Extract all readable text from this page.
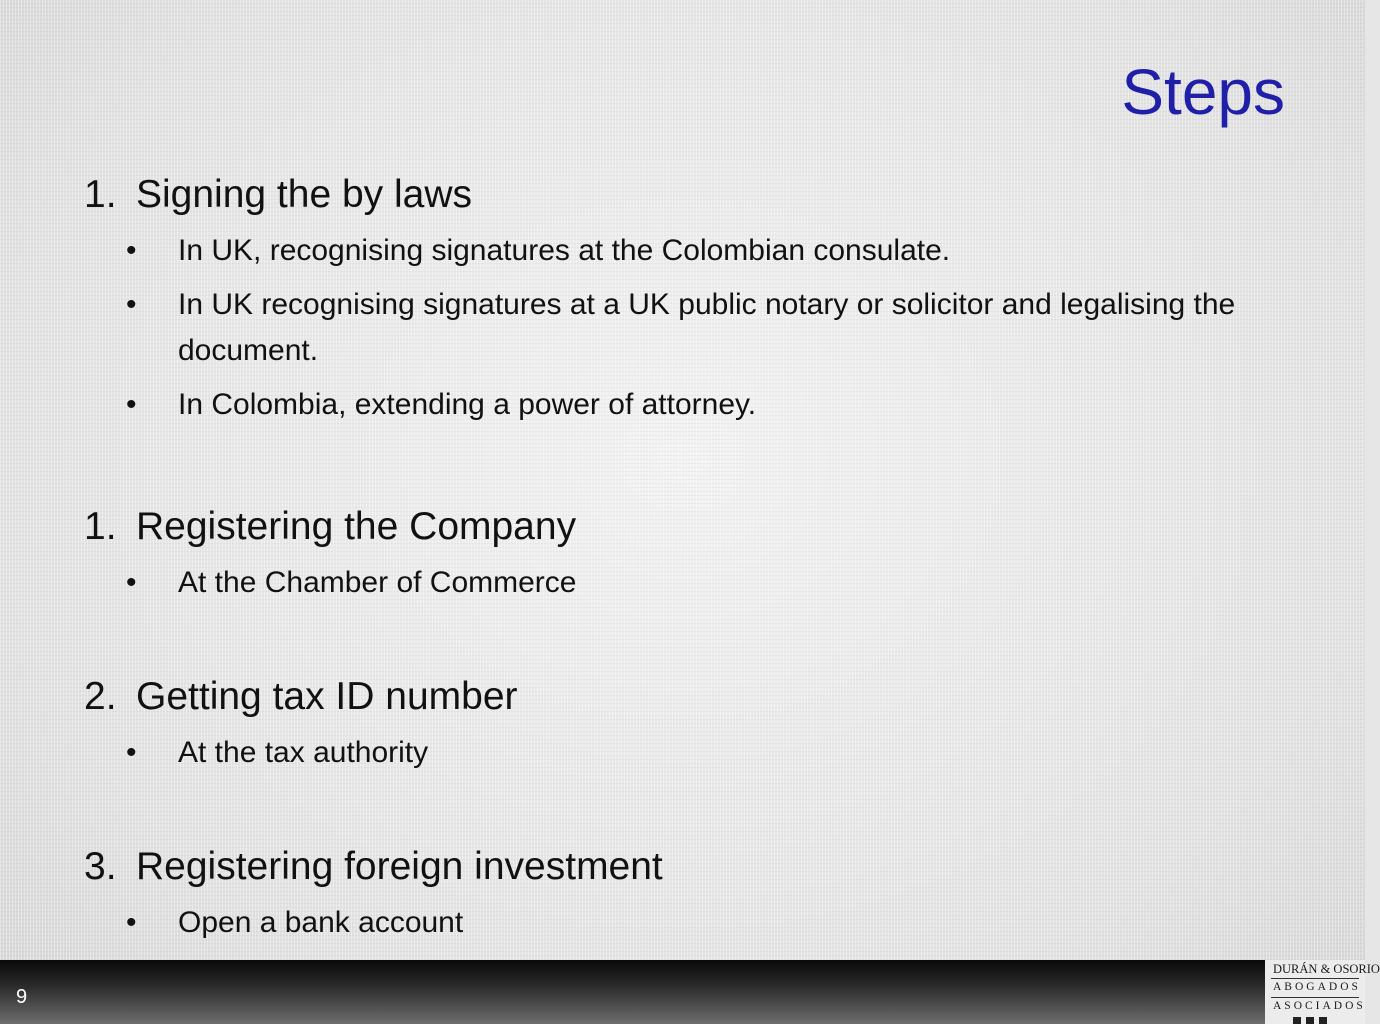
Steps
1. Signing the by laws
• In UK, recognising signatures at the Colombian consulate.
• In UK recognising signatures at a UK public notary or solicitor and legalising the document.
• In Colombia, extending a power of attorney.
1. Registering the Company
• At the Chamber of Commerce
2. Getting tax ID number
• At the tax authority
3. Registering foreign investment
• Open a bank account
9
DURÁN & OSORIO
ABOGADOS
ASOCIADOS
